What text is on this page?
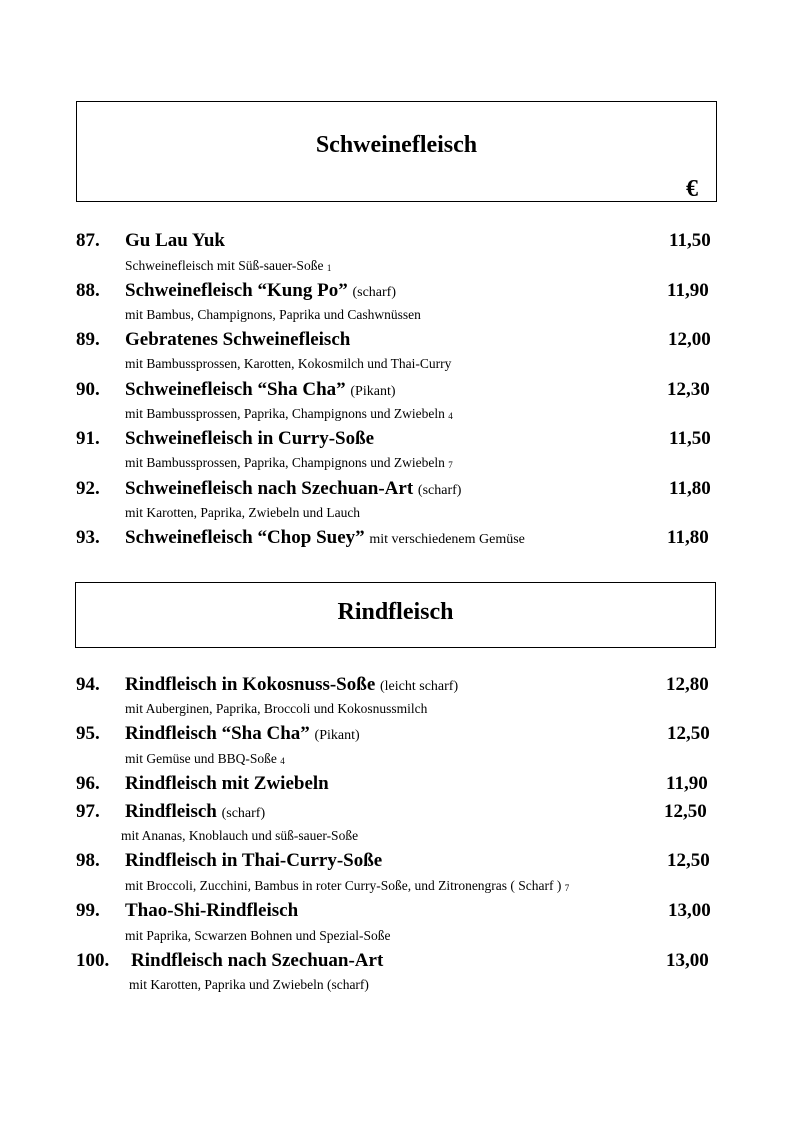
Schweinefleisch
€
87. Gu Lau Yuk	11,50
Schweinefleisch mit Süß-sauer-Soße $_1$
88. Schweinefleisch “Kung Po” (scharf)	11,90
mit Bambus, Champignons, Paprika und Cashwnüssen
89. Gebratenes Schweinefleisch	12,00
mit Bambussprossen, Karotten, Kokosmilch und Thai-Curry
90. Schweinefleisch “Sha Cha” (Pikant)	12,30
mit Bambussprossen, Paprika, Champignons und Zwiebeln $_4$
91. Schweinefleisch in Curry-Soße	11,50
mit Bambussprossen, Paprika, Champignons und Zwiebeln $_7$
92. Schweinefleisch nach Szechuan-Art (scharf)	11,80
mit Karotten, Paprika, Zwiebeln und Lauch
93. Schweinefleisch “Chop Suey” mit verschiedenem Gemüse	11,80
Rindfleisch
94. Rindfleisch in Kokosnuss-Soße (leicht scharf)	12,80
mit Auberginen, Paprika, Broccoli und Kokosnussmilch
95. Rindfleisch “Sha Cha” (Pikant)	12,50
mit Gemüse und BBQ-Soße $_4$
96. Rindfleisch mit Zwiebeln	11,90
97. Rindfleisch (scharf)	12,50
mit Ananas, Knoblauch und süß-sauer-Soße
98. Rindfleisch in Thai-Curry-Soße	12,50
mit Broccoli, Zucchini, Bambus in roter Curry-Soße, und Zitronengras ( Scharf ) $_7$
99. Thao-Shi-Rindfleisch	13,00
mit Paprika, Scwarzen Bohnen und Spezial-Soße
100. Rindfleisch nach Szechuan-Art	13,00
mit Karotten, Paprika und Zwiebeln (scharf)
